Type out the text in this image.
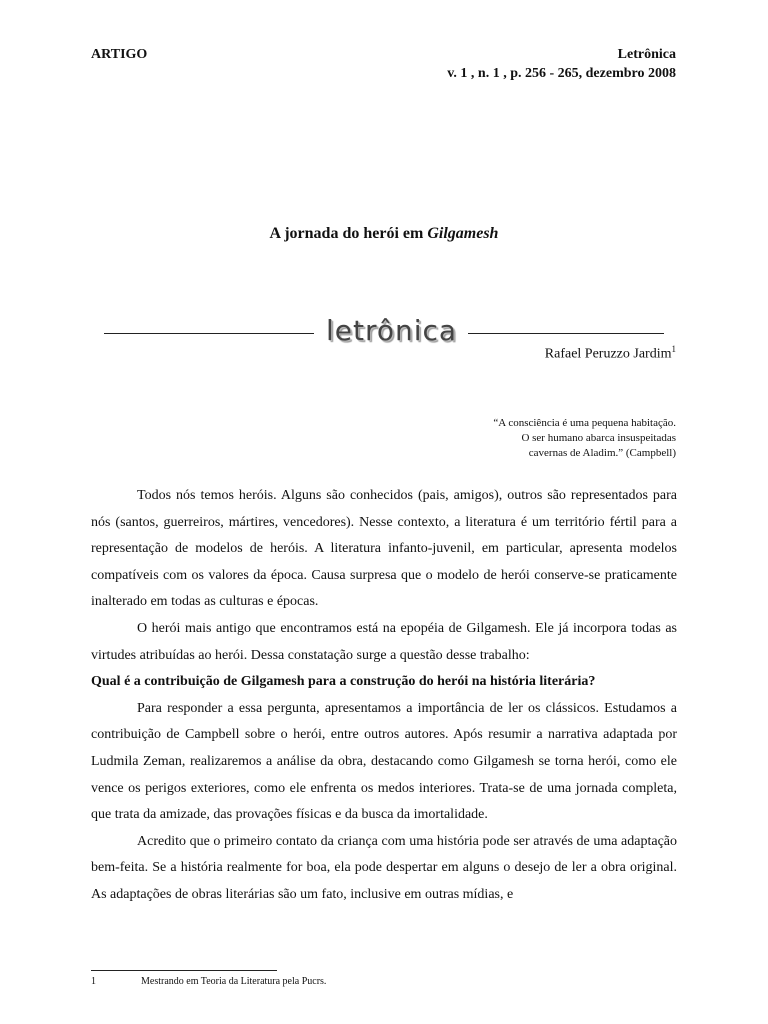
ARTIGO	Letrônica
v. 1 , n. 1 , p. 256 - 265, dezembro 2008
A jornada do herói em Gilgamesh
letrônica
Rafael Peruzzo Jardim$^1$
“A consciência é uma pequena habitação.
O ser humano abarca insuspeitadas
cavernas de Aladim.” (Campbell)

Todos nós temos heróis. Alguns são conhecidos (pais, amigos), outros são representados para nós (santos, guerreiros, mártires, vencedores). Nesse contexto, a literatura é um território fértil para a representação de modelos de heróis. A literatura infanto-juvenil, em particular, apresenta modelos compatíveis com os valores da época. Causa surpresa que o modelo de herói conserve-se praticamente inalterado em todas as culturas e épocas.

O herói mais antigo que encontramos está na epopéia de Gilgamesh. Ele já incorpora todas as virtudes atribuídas ao herói. Dessa constatação surge a questão desse trabalho:

Qual é a contribuição de Gilgamesh para a construção do herói na história literária?

Para responder a essa pergunta, apresentamos a importância de ler os clássicos. Estudamos a contribuição de Campbell sobre o herói, entre outros autores. Após resumir a narrativa adaptada por Ludmila Zeman, realizaremos a análise da obra, destacando como Gilgamesh se torna herói, como ele vence os perigos exteriores, como ele enfrenta os medos interiores. Trata-se de uma jornada completa, que trata da amizade, das provações físicas e da busca da imortalidade.

Acredito que o primeiro contato da criança com uma história pode ser através de uma adaptação bem-feita. Se a história realmente for boa, ela pode despertar em alguns o desejo de ler a obra original. As adaptações de obras literárias são um fato, inclusive em outras mídias, e

1	Mestrando em Teoria da Literatura pela Pucrs.
